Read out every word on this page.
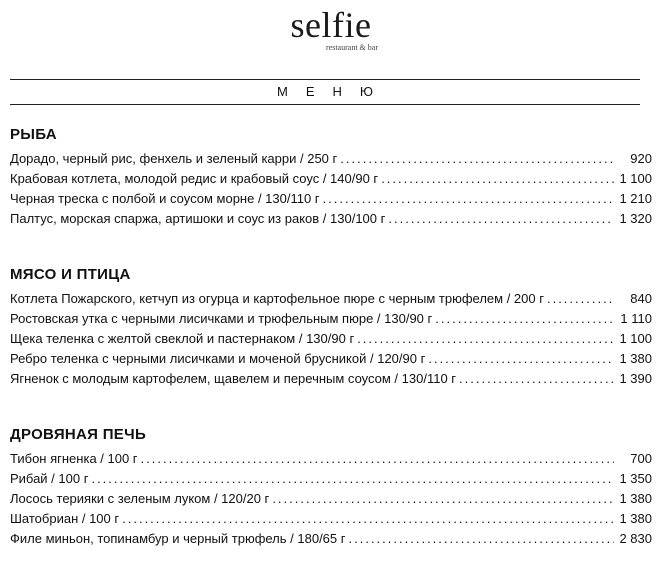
selfie
restaurant & bar
МЕНЮ
РЫБА
Дорадо, черный рис, фенхель и зеленый карри / 250 г .....	920
Крабовая котлета, молодой редис и крабовый соус / 140/90 г .....	1 100
Черная треска с полбой и соусом морне / 130/110 г .....	1 210
Палтус, морская спаржа, артишоки и соус из раков / 130/100 г .....	1 320
МЯСО И ПТИЦА
Котлета Пожарского, кетчуп из огурца и картофельное пюре с черным трюфелем / 200 г .....	840
Ростовская утка с черными лисичками и трюфельным пюре / 130/90 г .....	1 110
Щека теленка с желтой свеклой и пастернаком / 130/90 г .....	1 100
Ребро теленка с черными лисичками и моченой брусникой / 120/90 г .....	1 380
Ягненок с молодым картофелем, щавелем и перечным соусом / 130/110 г .....	1 390
ДРОВЯНАЯ ПЕЧЬ
Тибон ягненка / 100 г .....	700
Рибай / 100 г .....	1 350
Лосось терияки с зеленым луком / 120/20 г .....	1 380
Шатобриан / 100 г .....	1 380
Филе миньон, топинамбур и черный трюфель / 180/65 г .....	2 830
